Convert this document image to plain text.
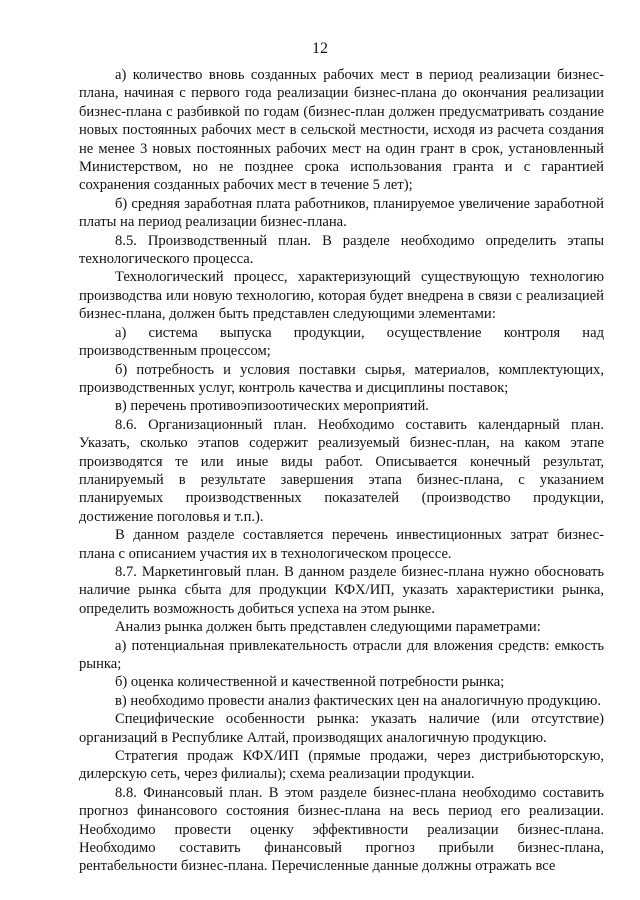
12

а) количество вновь созданных рабочих мест в период реализации бизнес-плана, начиная с первого года реализации бизнес-плана до окончания реализации бизнес-плана с разбивкой по годам (бизнес-план должен предусматривать создание новых постоянных рабочих мест в сельской местности, исходя из расчета создания не менее 3 новых постоянных рабочих мест на один грант в срок, установленный Министерством, но не позднее срока использования гранта и с гарантией сохранения созданных рабочих мест в течение 5 лет);

б) средняя заработная плата работников, планируемое увеличение заработной платы на период реализации бизнес-плана.

8.5. Производственный план. В разделе необходимо определить этапы технологического процесса.

Технологический процесс, характеризующий существующую технологию производства или новую технологию, которая будет внедрена в связи с реализацией бизнес-плана, должен быть представлен следующими элементами:

а) система выпуска продукции, осуществление контроля над производственным процессом;

б) потребность и условия поставки сырья, материалов, комплектующих, производственных услуг, контроль качества и дисциплины поставок;

в) перечень противоэпизоотических мероприятий.

8.6. Организационный план. Необходимо составить календарный план. Указать, сколько этапов содержит реализуемый бизнес-план, на каком этапе производятся те или иные виды работ. Описывается конечный результат, планируемый в результате завершения этапа бизнес-плана, с указанием планируемых производственных показателей (производство продукции, достижение поголовья и т.п.).

В данном разделе составляется перечень инвестиционных затрат бизнес-плана с описанием участия их в технологическом процессе.

8.7. Маркетинговый план. В данном разделе бизнес-плана нужно обосновать наличие рынка сбыта для продукции КФХ/ИП, указать характеристики рынка, определить возможность добиться успеха на этом рынке.

Анализ рынка должен быть представлен следующими параметрами:

а) потенциальная привлекательность отрасли для вложения средств: емкость рынка;

б) оценка количественной и качественной потребности рынка;

в) необходимо провести анализ фактических цен на аналогичную продукцию.

Специфические особенности рынка: указать наличие (или отсутствие) организаций в Республике Алтай, производящих аналогичную продукцию.

Стратегия продаж КФХ/ИП (прямые продажи, через дистрибьюторскую, дилерскую сеть, через филиалы); схема реализации продукции.

8.8. Финансовый план. В этом разделе бизнес-плана необходимо составить прогноз финансового состояния бизнес-плана на весь период его реализации. Необходимо провести оценку эффективности реализации бизнес-плана. Необходимо составить финансовый прогноз прибыли бизнес-плана, рентабельности бизнес-плана. Перечисленные данные должны отражать все
